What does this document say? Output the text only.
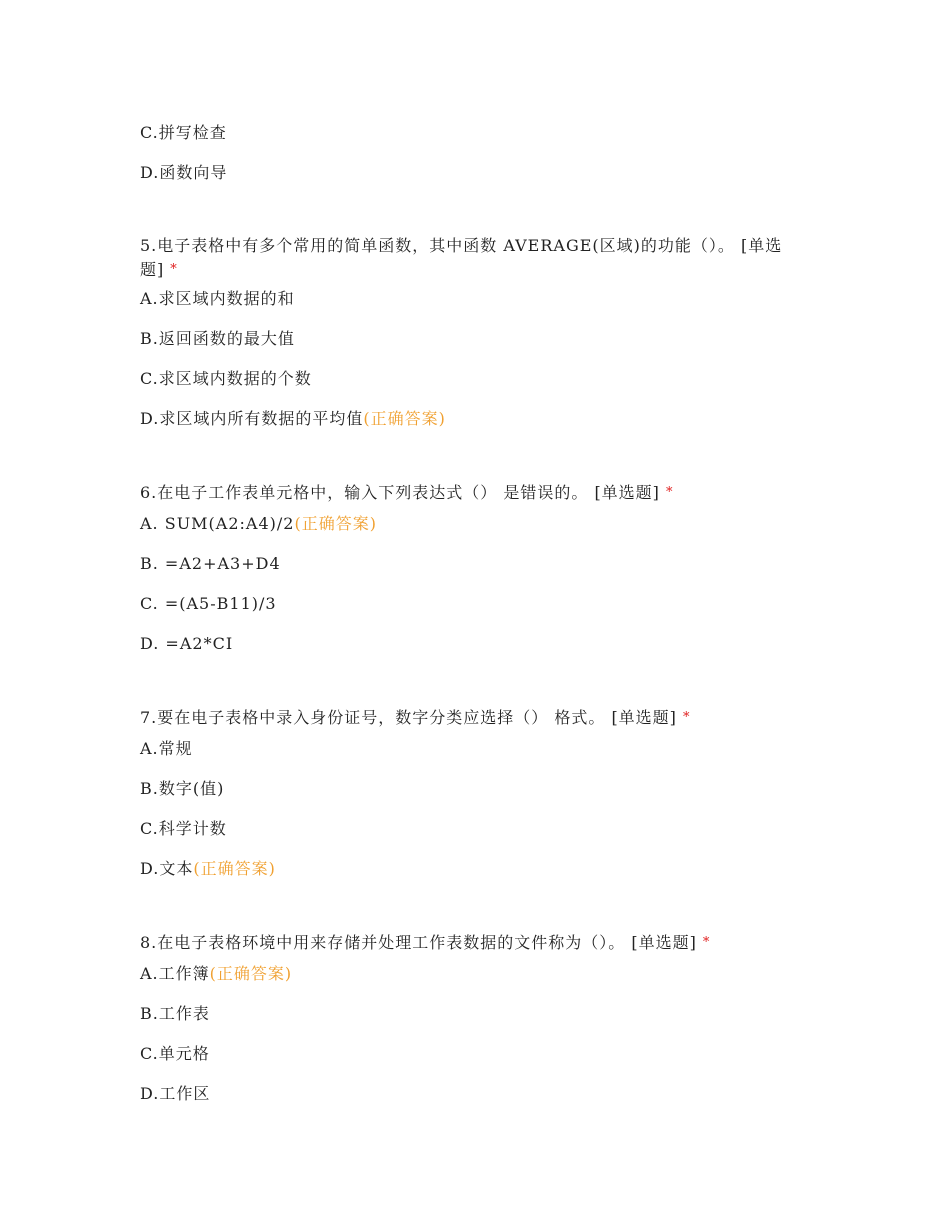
C.拼写检查
D.函数向导
5.电子表格中有多个常用的简单函数，其中函数 AVERAGE(区域)的功能（）。 [单选题] *
A.求区域内数据的和
B.返回函数的最大值
C.求区域内数据的个数
D.求区域内所有数据的平均值(正确答案)
6.在电子工作表单元格中，输入下列表达式（） 是错误的。 [单选题] *
A. SUM(A2:A4)/2(正确答案)
B. =A2+A3+D4
C. =(A5-B11)/3
D. =A2*CI
7.要在电子表格中录入身份证号，数字分类应选择（） 格式。 [单选题] *
A.常规
B.数字(值)
C.科学计数
D.文本(正确答案)
8.在电子表格环境中用来存储并处理工作表数据的文件称为（）。 [单选题] *
A.工作簿(正确答案)
B.工作表
C.单元格
D.工作区
